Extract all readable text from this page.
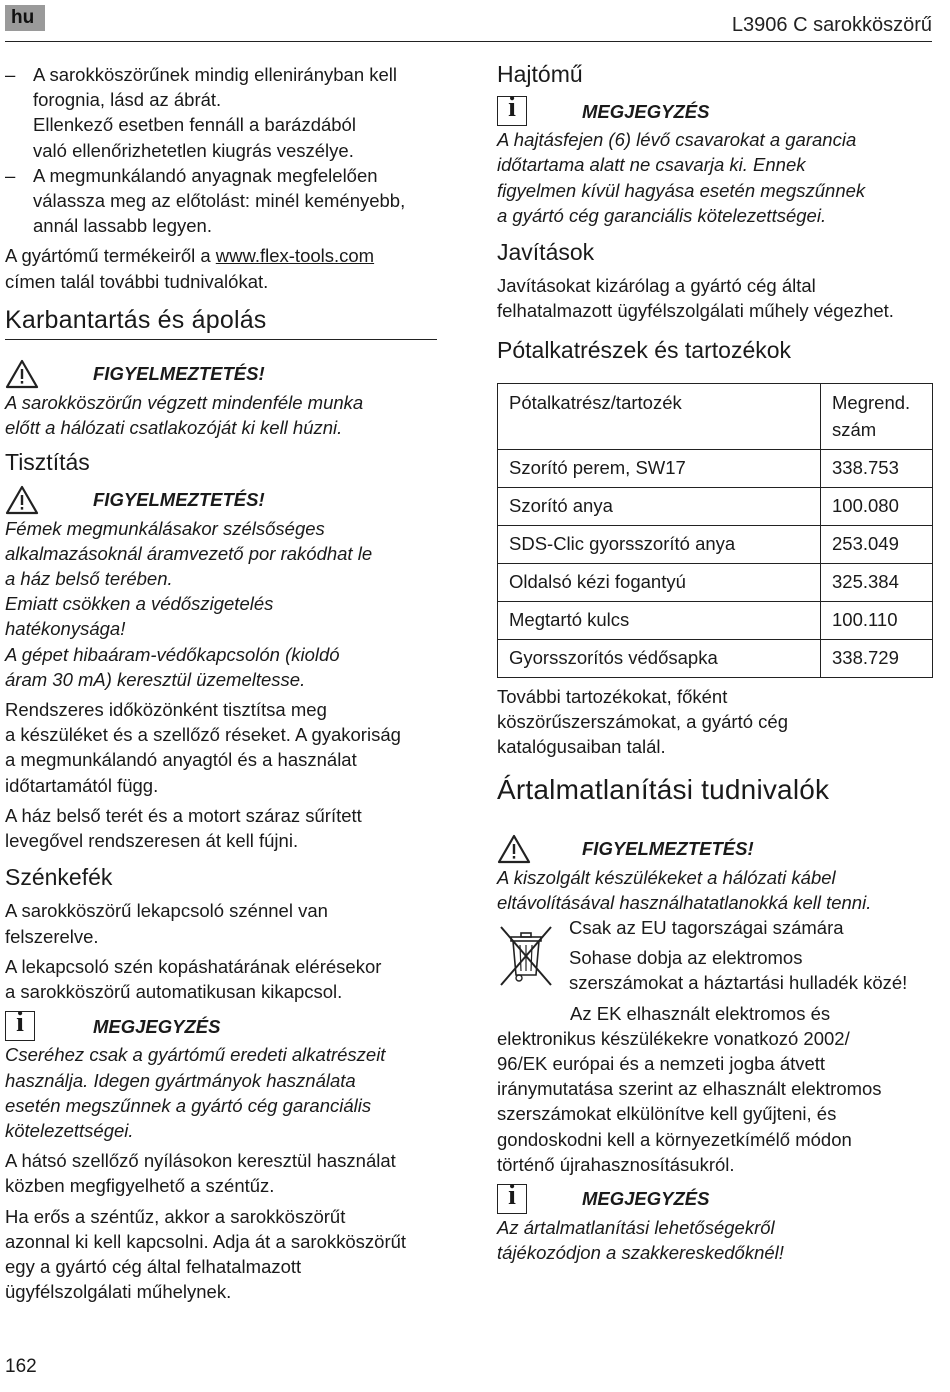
hu	L3906 C sarokköszörű
– A sarokköszörűnek mindig ellenirányban kell
forognia, lásd az ábrát.
Ellenkező esetben fennáll a barázdából
való ellenőrizhetetlen kiugrás veszélye.
– A megmunkálandó anyagnak megfelelően
válassza meg az előtolást: minél keményebb,
annál lassabb legyen.

A gyártómű termékeiről a www.flex-tools.com
címen talál további tudnivalókat.

Karbantartás és ápolás
FIGYELMEZTETÉS!
A sarokköszörűn végzett mindenféle munka
előtt a hálózati csatlakozóját ki kell húzni.
Tisztítás
FIGYELMEZTETÉS!
Fémek megmunkálásakor szélsőséges
alkalmazásoknál áramvezető por rakódhat le
a ház belső terében.
Emiatt csökken a védőszigetelés
hatékonysága!
A gépet hibaáram-védőkapcsolón (kioldó
áram 30 mA) keresztül üzemeltesse.

Rendszeres időközönként tisztítsa meg
a készüléket és a szellőző réseket. A gyakoriság
a megmunkálandó anyagtól és a használat
időtartamától függ.

A ház belső terét és a motort száraz sűrített
levegővel rendszeresen át kell fújni.

Szénkefék

A sarokköszörű lekapcsoló szénnel van
felszerelve.

A lekapcsoló szén kopáshatárának elérésekor
a sarokköszörű automatikusan kikapcsol.

i	MEGJEGYZÉS
Cseréhez csak a gyártómű eredeti alkatrészeit
használja. Idegen gyártmányok használata
esetén megszűnnek a gyártó cég garanciális
kötelezettségei.

A hátsó szellőző nyílásokon keresztül használat
közben megfigyelhető a széntűz.

Ha erős a széntűz, akkor a sarokköszörűt
azonnal ki kell kapcsolni. Adja át a sarokköszörűt
egy a gyártó cég által felhatalmazott
ügyfélszolgálati műhelynek.

Hajtómű
i	MEGJEGYZÉS
A hajtásfejen (6) lévő csavarokat a garancia
időtartama alatt ne csavarja ki. Ennek
figyelmen kívül hagyása esetén megszűnnek
a gyártó cég garanciális kötelezettségei.
Javítások

Javításokat kizárólag a gyártó cég által
felhatalmazott ügyfélszolgálati műhely végezhet.

Pótalkatrészek és tartozékok
Pótalkatrész/tartozék	Megrend.
szám
Szorító perem, SW17	338.753
Szorító anya	100.080
SDS-Clic gyorsszorító anya	253.049
Oldalsó kézi fogantyú	325.384
Megtartó kulcs	100.110
Gyorsszorítós védősapka	338.729

További tartozékokat, főként
köszörűszerszámokat, a gyártó cég
katalógusaiban talál.

Ártalmatlanítási tudnivalók
FIGYELMEZTETÉS!
A kiszolgált készülékeket a hálózati kábel
eltávolításával használhatatlanokká kell tenni.
Csak az EU tagországai számára
Sohase dobja az elektromos
szerszámokat a háztartási hulladék közé!

Az EK elhasznált elektromos és
elektronikus készülékekre vonatkozó 2002/
96/EK európai és a nemzeti jogba átvett
iránymutatása szerint az elhasznált elektromos
szerszámokat elkülönítve kell gyűjteni, és
gondoskodni kell a környezetkímélő módon
történő újrahasznosításukról.

i	MEGJEGYZÉS
Az ártalmatlanítási lehetőségekről
tájékozódjon a szakkereskedőknél!
162
